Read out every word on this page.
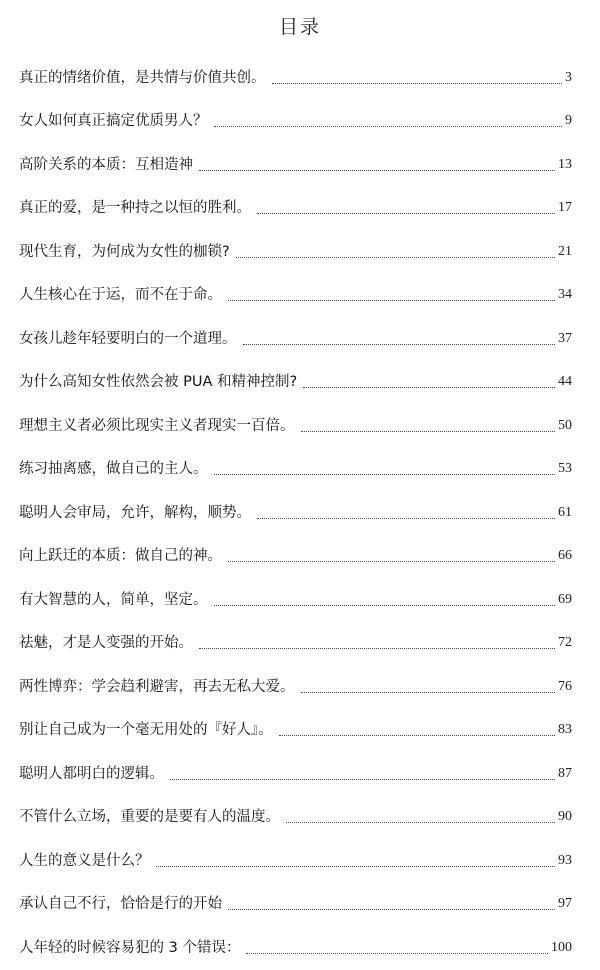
目录
真正的情绪价值，是共情与价值共创。	3
女人如何真正搞定优质男人？	9
高阶关系的本质：互相造神	13
真正的爱，是一种持之以恒的胜利。	17
现代生育，为何成为女性的枷锁?	21
人生核心在于运，而不在于命。	34
女孩儿趁年轻要明白的一个道理。	37
为什么高知女性依然会被 PUA 和精神控制?	44
理想主义者必须比现实主义者现实一百倍。	50
练习抽离感，做自己的主人。	53
聪明人会审局，允许，解构，顺势。	61
向上跃迁的本质：做自己的神。	66
有大智慧的人，简单，坚定。	69
祛魅，才是人变强的开始。	72
两性博弈：学会趋利避害，再去无私大爱。	76
别让自己成为一个毫无用处的『好人』。	83
聪明人都明白的逻辑。	87
不管什么立场，重要的是要有人的温度。	90
人生的意义是什么？	93
承认自己不行，恰恰是行的开始	97
人年轻的时候容易犯的 3 个错误：	100
